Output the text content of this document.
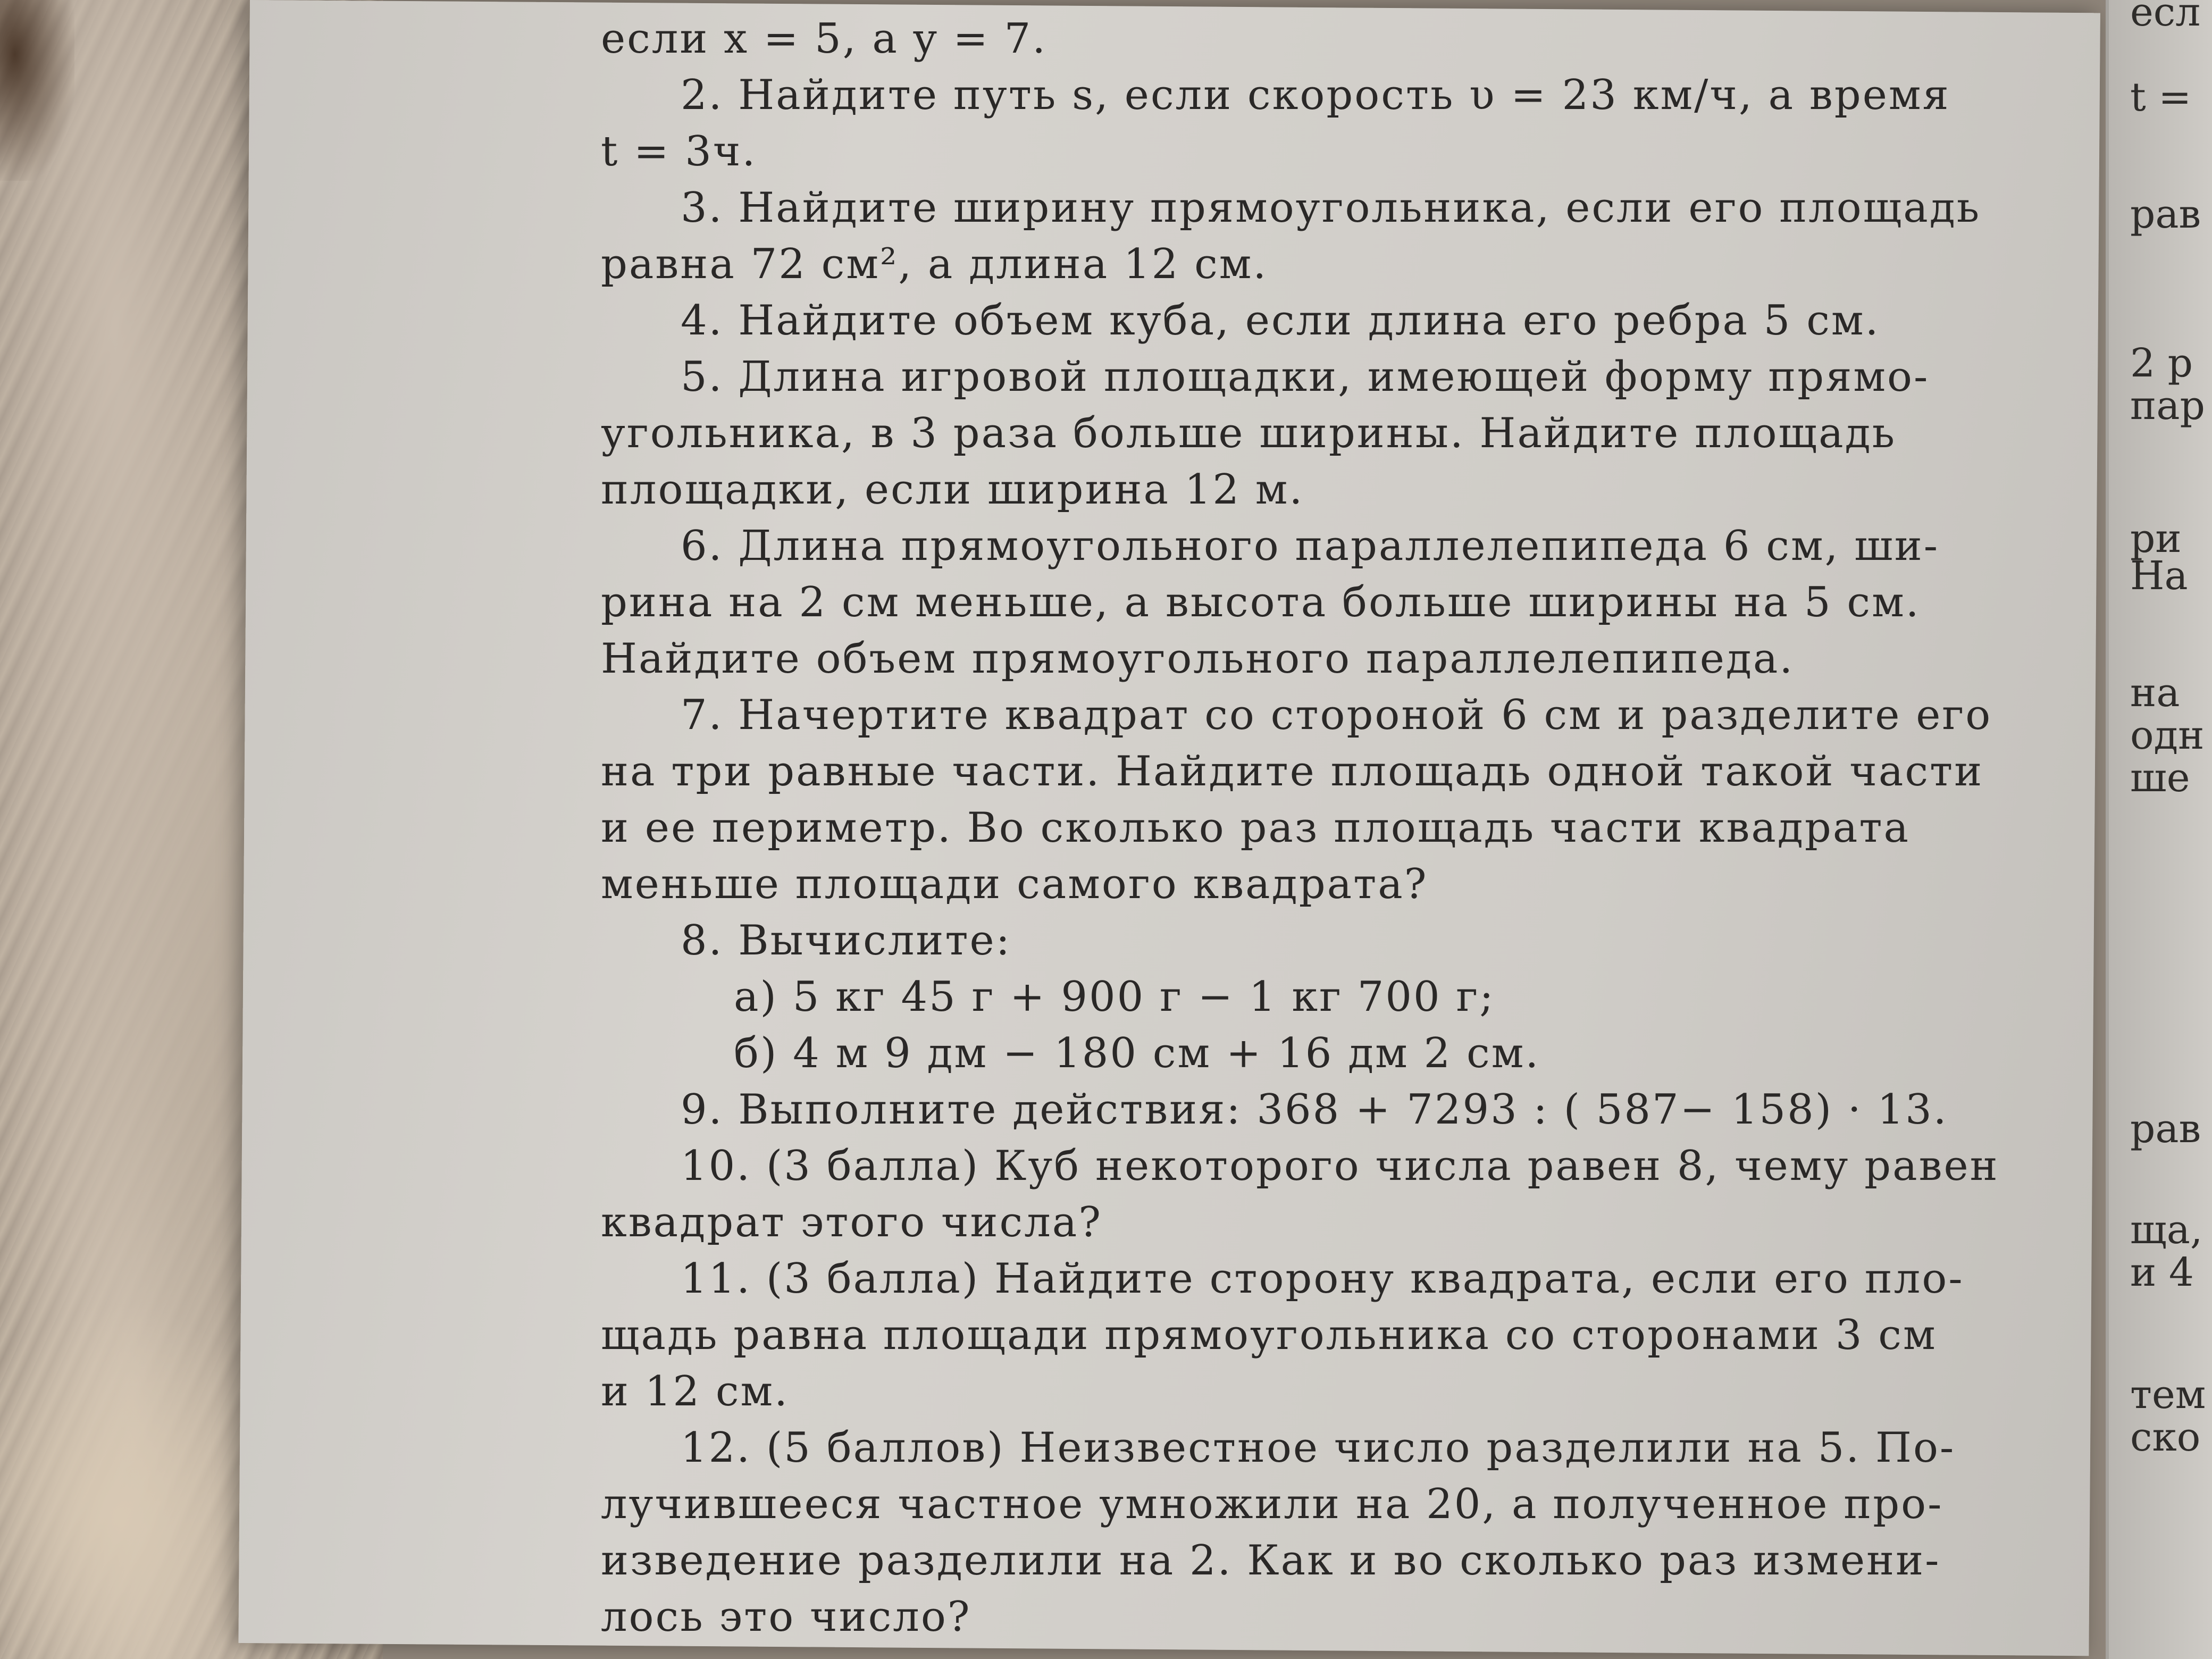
если x = 5, а y = 7.
2. Найдите путь s, если скорость υ = 23 км/ч, а время
t = 3ч.
3. Найдите ширину прямоугольника, если его площадь
равна 72 см², а длина 12 см.
4. Найдите объем куба, если длина его ребра 5 см.
5. Длина игровой площадки, имеющей форму прямо-
угольника, в 3 раза больше ширины. Найдите площадь
площадки, если ширина 12 м.
6. Длина прямоугольного параллелепипеда 6 см, ши-
рина на 2 см меньше, а высота больше ширины на 5 см.
Найдите объем прямоугольного параллелепипеда.
7. Начертите квадрат со стороной 6 см и разделите его
на три равные части. Найдите площадь одной такой части
и ее периметр. Во сколько раз площадь части квадрата
меньше площади самого квадрата?
8. Вычислите:
а) 5 кг 45 г + 900 г − 1 кг 700 г;
б) 4 м 9 дм − 180 см + 16 дм 2 см.
9. Выполните действия: 368 + 7293 : ( 587− 158) · 13.
10. (3 балла) Куб некоторого числа равен 8, чему равен
квадрат этого числа?
11. (3 балла) Найдите сторону квадрата, если его пло-
щадь равна площади прямоугольника со сторонами 3 см
и 12 см.
12. (5 баллов) Неизвестное число разделили на 5. По-
лучившееся частное умножили на 20, а полученное про-
изведение разделили на 2. Как и во сколько раз измени-
лось это число?
есл
t =
рав
2 р
пар
ри
На
на
одн
ше
рав
ща,
и 4
тем
ско
